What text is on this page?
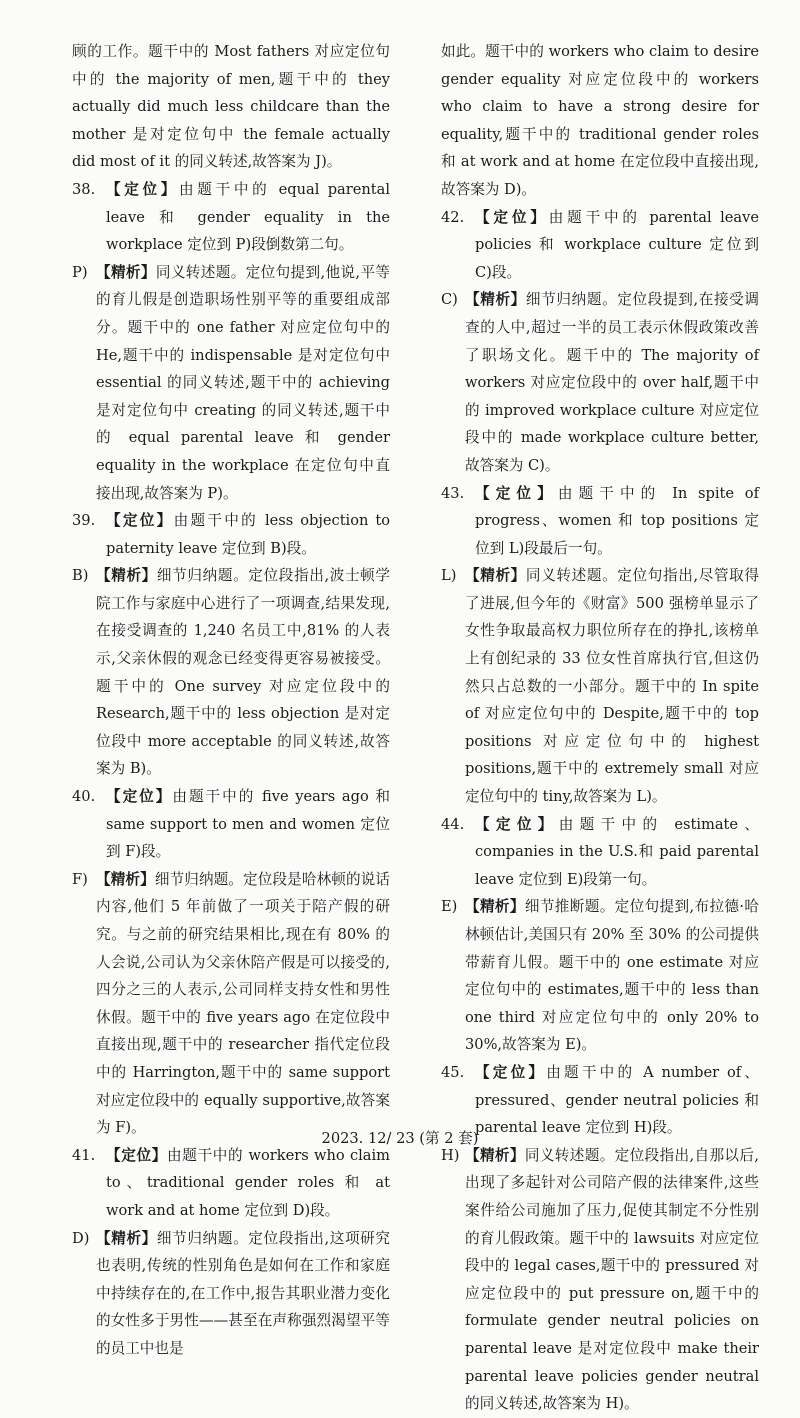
顾的工作。题干中的 Most fathers 对应定位句中的 the majority of men,题干中的 they actually did much less childcare than the mother 是对定位句中 the female actually did most of it 的同义转述,故答案为 J)。
38. 【定位】由题干中的 equal parental leave 和 gender equality in the workplace 定位到 P)段倒数第二句。
P) 【精析】同义转述题。定位句提到,他说,平等的育儿假是创造职场性别平等的重要组成部分。题干中的 one father 对应定位句中的 He,题干中的 indispensable 是对定位句中 essential 的同义转述,题干中的 achieving 是对定位句中 creating 的同义转述,题干中的 equal parental leave 和 gender equality in the workplace 在定位句中直接出现,故答案为 P)。
39. 【定位】由题干中的 less objection to paternity leave 定位到 B)段。
B) 【精析】细节归纳题。定位段指出,波士顿学院工作与家庭中心进行了一项调查,结果发现,在接受调查的 1,240 名员工中,81% 的人表示,父亲休假的观念已经变得更容易被接受。题干中的 One survey 对应定位段中的 Research,题干中的 less objection 是对定位段中 more acceptable 的同义转述,故答案为 B)。
40. 【定位】由题干中的 five years ago 和 same support to men and women 定位到 F)段。
F) 【精析】细节归纳题。定位段是哈林顿的说话内容,他们 5 年前做了一项关于陪产假的研究。与之前的研究结果相比,现在有 80% 的人会说,公司认为父亲休陪产假是可以接受的,四分之三的人表示,公司同样支持女性和男性休假。题干中的 five years ago 在定位段中直接出现,题干中的 researcher 指代定位段中的 Harrington,题干中的 same support 对应定位段中的 equally supportive,故答案为 F)。
41. 【定位】由题干中的 workers who claim to、traditional gender roles 和 at work and at home 定位到 D)段。
D) 【精析】细节归纳题。定位段指出,这项研究也表明,传统的性别角色是如何在工作和家庭中持续存在的,在工作中,报告其职业潜力变化的女性多于男性——甚至在声称强烈渴望平等的员工中也是
如此。题干中的 workers who claim to desire gender equality 对应定位段中的 workers who claim to have a strong desire for equality,题干中的 traditional gender roles 和 at work and at home 在定位段中直接出现,故答案为 D)。
42. 【定位】由题干中的 parental leave policies 和 workplace culture 定位到 C)段。
C) 【精析】细节归纳题。定位段提到,在接受调查的人中,超过一半的员工表示休假政策改善了职场文化。题干中的 The majority of workers 对应定位段中的 over half,题干中的 improved workplace culture 对应定位段中的 made workplace culture better,故答案为 C)。
43. 【定位】由题干中的 In spite of progress、women 和 top positions 定位到 L)段最后一句。
L) 【精析】同义转述题。定位句指出,尽管取得了进展,但今年的《财富》500 强榜单显示了女性争取最高权力职位所存在的挣扎,该榜单上有创纪录的 33 位女性首席执行官,但这仍然只占总数的一小部分。题干中的 In spite of 对应定位句中的 Despite,题干中的 top positions 对应定位句中的 highest positions,题干中的 extremely small 对应定位句中的 tiny,故答案为 L)。
44. 【定位】由题干中的 estimate、companies in the U.S.和 paid parental leave 定位到 E)段第一句。
E) 【精析】细节推断题。定位句提到,布拉德·哈林顿估计,美国只有 20% 至 30% 的公司提供带薪育儿假。题干中的 one estimate 对应定位句中的 estimates,题干中的 less than one third 对应定位句中的 only 20% to 30%,故答案为 E)。
45. 【定位】由题干中的 A number of、pressured、gender neutral policies 和 parental leave 定位到 H)段。
H) 【精析】同义转述题。定位段指出,自那以后,出现了多起针对公司陪产假的法律案件,这些案件给公司施加了压力,促使其制定不分性别的育儿假政策。题干中的 lawsuits 对应定位段中的 legal cases,题干中的 pressured 对应定位段中的 put pressure on,题干中的 formulate gender neutral policies on parental leave 是对定位段中 make their parental leave policies gender neutral 的同义转述,故答案为 H)。
2023. 12/ 23 (第 2 套)
